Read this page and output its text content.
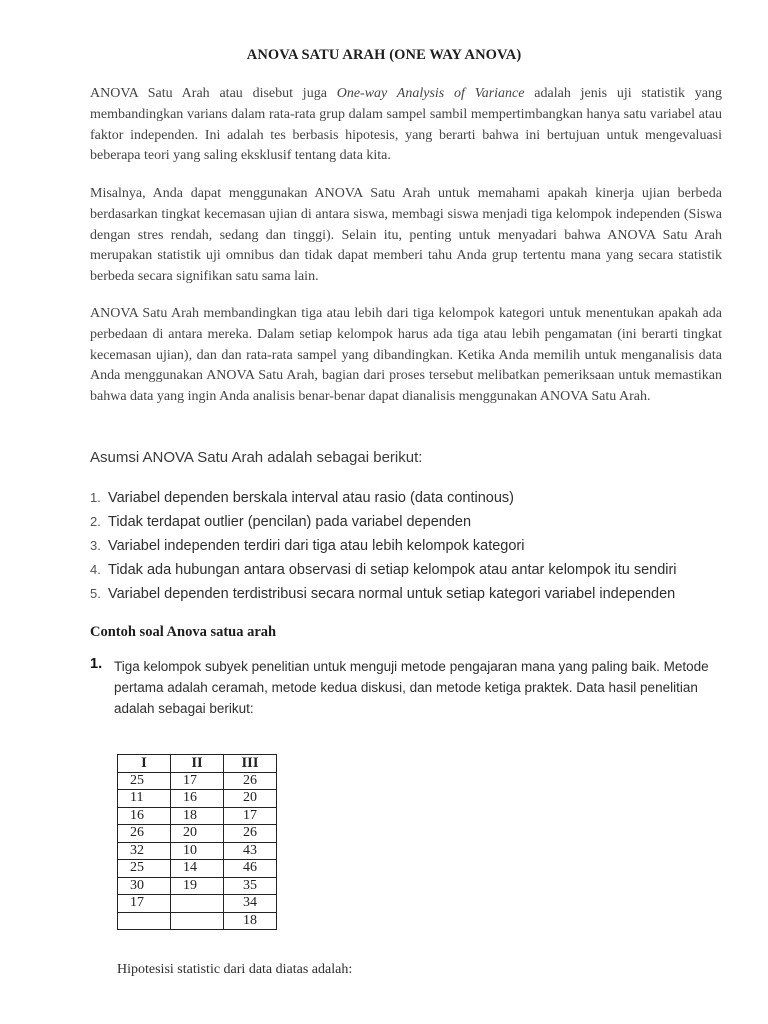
ANOVA SATU ARAH (ONE WAY ANOVA)

ANOVA Satu Arah atau disebut juga One-way Analysis of Variance adalah jenis uji statistik yang membandingkan varians dalam rata-rata grup dalam sampel sambil mempertimbangkan hanya satu variabel atau faktor independen. Ini adalah tes berbasis hipotesis, yang berarti bahwa ini bertujuan untuk mengevaluasi beberapa teori yang saling eksklusif tentang data kita.

Misalnya, Anda dapat menggunakan ANOVA Satu Arah untuk memahami apakah kinerja ujian berbeda berdasarkan tingkat kecemasan ujian di antara siswa, membagi siswa menjadi tiga kelompok independen (Siswa dengan stres rendah, sedang dan tinggi). Selain itu, penting untuk menyadari bahwa ANOVA Satu Arah merupakan statistik uji omnibus dan tidak dapat memberi tahu Anda grup tertentu mana yang secara statistik berbeda secara signifikan satu sama lain.

ANOVA Satu Arah membandingkan tiga atau lebih dari tiga kelompok kategori untuk menentukan apakah ada perbedaan di antara mereka. Dalam setiap kelompok harus ada tiga atau lebih pengamatan (ini berarti tingkat kecemasan ujian), dan dan rata-rata sampel yang dibandingkan. Ketika Anda memilih untuk menganalisis data Anda menggunakan ANOVA Satu Arah, bagian dari proses tersebut melibatkan pemeriksaan untuk memastikan bahwa data yang ingin Anda analisis benar-benar dapat dianalisis menggunakan ANOVA Satu Arah.

Asumsi ANOVA Satu Arah adalah sebagai berikut:
1. Variabel dependen berskala interval atau rasio (data continous)
2. Tidak terdapat outlier (pencilan) pada variabel dependen
3. Variabel independen terdiri dari tiga atau lebih kelompok kategori
4. Tidak ada hubungan antara observasi di setiap kelompok atau antar kelompok itu sendiri
5. Variabel dependen terdistribusi secara normal untuk setiap kategori variabel independen
Contoh soal Anova satua arah
1. Tiga kelompok subyek penelitian untuk menguji metode pengajaran mana yang paling baik. Metode pertama adalah ceramah, metode kedua diskusi, dan metode ketiga praktek. Data hasil penelitian adalah sebagai berikut:
I	II	III
25	17	26
11	16	20
16	18	17
26	20	26
32	10	43
25	14	46
30	19	35
17		34
		18
Hipotesisi statistic dari data diatas adalah:
